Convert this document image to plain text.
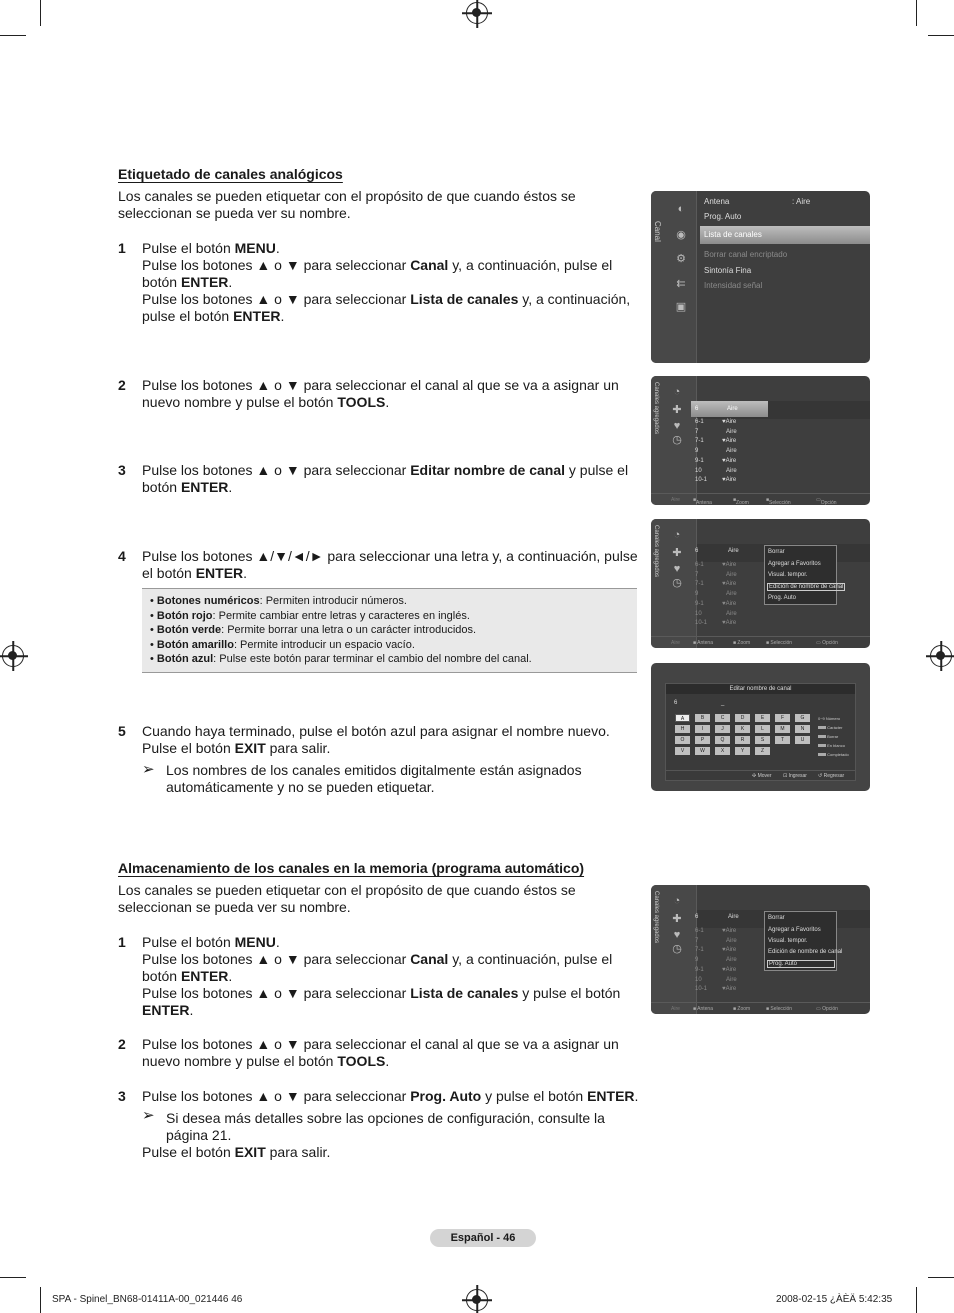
Etiquetado de canales analógicos
Los canales se pueden etiquetar con el propósito de que cuando éstos se
seleccionan se pueda ver su nombre.
1 Pulse el botón MENU.
Pulse los botones ▲ o ▼ para seleccionar Canal y, a continuación, pulse el
botón ENTER.
Pulse los botones ▲ o ▼ para seleccionar Lista de canales y, a continuación,
pulse el botón ENTER.
2 Pulse los botones ▲ o ▼ para seleccionar el canal al que se va a asignar un
nuevo nombre y pulse el botón TOOLS.
3 Pulse los botones ▲ o ▼ para seleccionar Editar nombre de canal y pulse el
botón ENTER.
4 Pulse los botones ▲/▼/◄/► para seleccionar una letra y, a continuación, pulse
el botón ENTER.
• Botones numéricos: Permiten introducir números.
• Botón rojo: Permite cambiar entre letras y caracteres en inglés.
• Botón verde: Permite borrar una letra o un carácter introducidos.
• Botón amarillo: Permite introducir un espacio vacío.
• Botón azul: Pulse este botón parar terminar el cambio del nombre del canal.
5 Cuando haya terminado, pulse el botón azul para asignar el nombre nuevo.
Pulse el botón EXIT para salir.
➢ Los nombres de los canales emitidos digitalmente están asignados
automáticamente y no se pueden etiquetar.
Almacenamiento de los canales en la memoria (programa automático)
Los canales se pueden etiquetar con el propósito de que cuando éstos se
seleccionan se pueda ver su nombre.
1 Pulse el botón MENU.
Pulse los botones ▲ o ▼ para seleccionar Canal y, a continuación, pulse el
botón ENTER.
Pulse los botones ▲ o ▼ para seleccionar Lista de canales y pulse el botón
ENTER.
2 Pulse los botones ▲ o ▼ para seleccionar el canal al que se va a asignar un
nuevo nombre y pulse el botón TOOLS.
3 Pulse los botones ▲ o ▼ para seleccionar Prog. Auto y pulse el botón ENTER.
➢ Si desea más detalles sobre las opciones de configuración, consulte la
página 21.
Pulse el botón EXIT para salir.
Canal
◐
◉
⚙
⇇
▣
Antena	: Aire
Prog. Auto
Lista de canales
Borrar canal encriptado
Sintonía Fina
Intensidad señal
Canales agregados ◔
✚
♥
◷
6	Aire
6-1	♥Aire
7	Aire
7-1	♥Aire
9	Aire
9-1	♥Aire
10	Aire
10-1 ♥Aire
Aire	■ Antena	■ Zoom	■ Selección	▭ Opción
Canales agregados ◔
✚
♥
◷
6	Aire
6-1	♥Aire
7	Aire
7-1	♥Aire
9	Aire
9-1	♥Aire
10	Aire
10-1 ♥Aire
Borrar
Agregar a Favoritos
Visual. tempor.
Edición de nombre de canal
Prog. Auto
Aire	■ Antena	■ Zoom	■ Selección	▭ Opción
Editar nombre de canal
6	_
0~9 Número
Carácter
Borrar
En blanco
Completado
✣ Mover ⊡ Ingresar ↺ Regresar
A	B	C	D	E	F	G
H	I	J	K	L	M	N
O	P	Q	R	S	T	U
V	W	X	Y	Z
Canales agregados ◔
✚
♥
◷
6	Aire
6-1	♥Aire
7	Aire
7-1	♥Aire
9	Aire
9-1	♥Aire
10	Aire
10-1 ♥Aire
Borrar
Agregar a Favoritos
Visual. tempor.
Edición de nombre de canal
Prog. Auto
Aire	■ Antena	■ Zoom	■ Selección	▭ Opción
Español - 46
SPA - Spinel_BN68-01411A-00_021446 46	2008-02-15 ¿ÀÈÄ 5:42:35
